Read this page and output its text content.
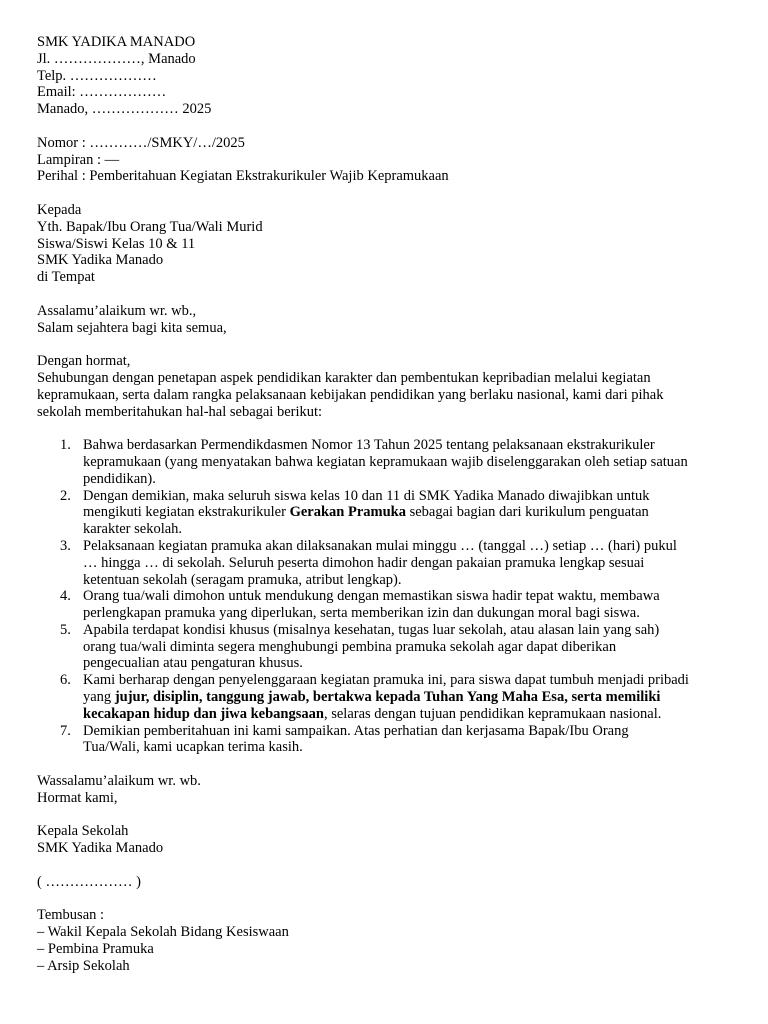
SMK YADIKA MANADO
Jl. ………………, Manado
Telp. ………………
Email: ………………
Manado, ……………… 2025
Nomor : …………/SMKY/…/2025
Lampiran : —
Perihal : Pemberitahuan Kegiatan Ekstrakurikuler Wajib Kepramukaan
Kepada
Yth. Bapak/Ibu Orang Tua/Wali Murid
Siswa/Siswi Kelas 10 & 11
SMK Yadika Manado
di Tempat
Assalamu’alaikum wr. wb.,
Salam sejahtera bagi kita semua,
Dengan hormat,
Sehubungan dengan penetapan aspek pendidikan karakter dan pembentukan kepribadian melalui kegiatan
kepramukaan, serta dalam rangka pelaksanaan kebijakan pendidikan yang berlaku nasional, kami dari pihak
sekolah memberitahukan hal-hal sebagai berikut:
1. Bahwa berdasarkan Permendikdasmen Nomor 13 Tahun 2025 tentang pelaksanaan ekstrakurikuler
kepramukaan (yang menyatakan bahwa kegiatan kepramukaan wajib diselenggarakan oleh setiap satuan
pendidikan).
2. Dengan demikian, maka seluruh siswa kelas 10 dan 11 di SMK Yadika Manado diwajibkan untuk
mengikuti kegiatan ekstrakurikuler Gerakan Pramuka sebagai bagian dari kurikulum penguatan
karakter sekolah.
3. Pelaksanaan kegiatan pramuka akan dilaksanakan mulai minggu … (tanggal …) setiap … (hari) pukul
… hingga … di sekolah. Seluruh peserta dimohon hadir dengan pakaian pramuka lengkap sesuai
ketentuan sekolah (seragam pramuka, atribut lengkap).
4. Orang tua/wali dimohon untuk mendukung dengan memastikan siswa hadir tepat waktu, membawa
perlengkapan pramuka yang diperlukan, serta memberikan izin dan dukungan moral bagi siswa.
5. Apabila terdapat kondisi khusus (misalnya kesehatan, tugas luar sekolah, atau alasan lain yang sah)
orang tua/wali diminta segera menghubungi pembina pramuka sekolah agar dapat diberikan
pengecualian atau pengaturan khusus.
6. Kami berharap dengan penyelenggaraan kegiatan pramuka ini, para siswa dapat tumbuh menjadi pribadi
yang jujur, disiplin, tanggung jawab, bertakwa kepada Tuhan Yang Maha Esa, serta memiliki
kecakapan hidup dan jiwa kebangsaan, selaras dengan tujuan pendidikan kepramukaan nasional.
7. Demikian pemberitahuan ini kami sampaikan. Atas perhatian dan kerjasama Bapak/Ibu Orang
Tua/Wali, kami ucapkan terima kasih.
Wassalamu’alaikum wr. wb.
Hormat kami,
Kepala Sekolah
SMK Yadika Manado
( ……………… )
Tembusan :
– Wakil Kepala Sekolah Bidang Kesiswaan
– Pembina Pramuka
– Arsip Sekolah
